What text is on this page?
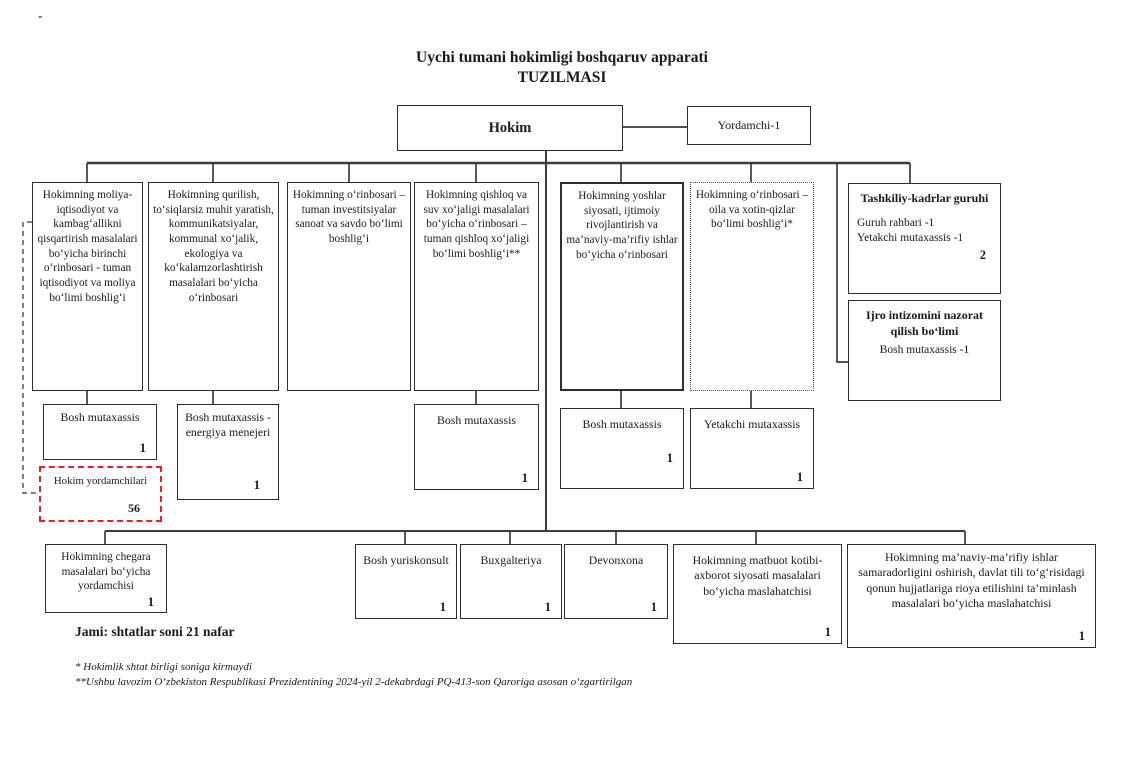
-
Uychi tumani hokimligi boshqaruv apparati
TUZILMASI
Hokim	Yordamchi-1
Hokimning moliya-iqtisodiyot va kambag‘allikni qisqartirish masalalari bo‘yicha birinchi o‘rinbosari - tuman iqtisodiyot va moliya bo‘limi boshlig‘i
Hokimning qurilish, to‘siqlarsiz muhit yaratish, kommunikatsiyalar, kommunal xo‘jalik, ekologiya va ko‘kalamzorlashtirish masalalari bo‘yicha o‘rinbosari
Hokimning o‘rinbosari – tuman investitsiyalar sanoat va savdo bo‘limi boshlig‘i
Hokimning qishloq va suv xo‘jaligi masalalari bo‘yicha o‘rinbosari – tuman qishloq xo‘jaligi bo‘limi boshlig‘i**
Hokimning yoshlar siyosati, ijtimoiy rivojlantirish va ma’naviy-ma’rifiy ishlar bo‘yicha o‘rinbosari
Hokimning o‘rinbosari – oila va xotin-qizlar bo‘limi boshlig‘i*
Tashkiliy-kadrlar guruhi
Guruh rahbari -1
Yetakchi mutaxassis -1
2
Ijro intizomini nazorat qilish bo‘limi
Bosh mutaxassis -1
Bosh mutaxassis
1
Bosh mutaxassis - energiya menejeri
1
Bosh mutaxassis
1
Bosh mutaxassis
1
Yetakchi mutaxassis
1
Hokim yordamchilari
56
Hokimning chegara masalalari bo‘yicha yordamchisi
1
Bosh yuriskonsult
1
Buxgalteriya
1
Devonxona
1
Hokimning matbuot kotibi-axborot siyosati masalalari bo‘yicha maslahatchisi
1
Hokimning ma’naviy-ma’rifiy ishlar samaradorligini oshirish, davlat tili to‘g‘risidagi qonun hujjatlariga rioya etilishini ta’minlash masalalari bo‘yicha maslahatchisi
1
Jami: shtatlar soni 21 nafar
* Hokimlik shtat birligi soniga kirmaydi
**Ushbu lavozim O‘zbekiston Respublikasi Prezidentining 2024-yil 2-dekabrdagi PQ-413-son Qaroriga asosan o‘zgartirilgan
